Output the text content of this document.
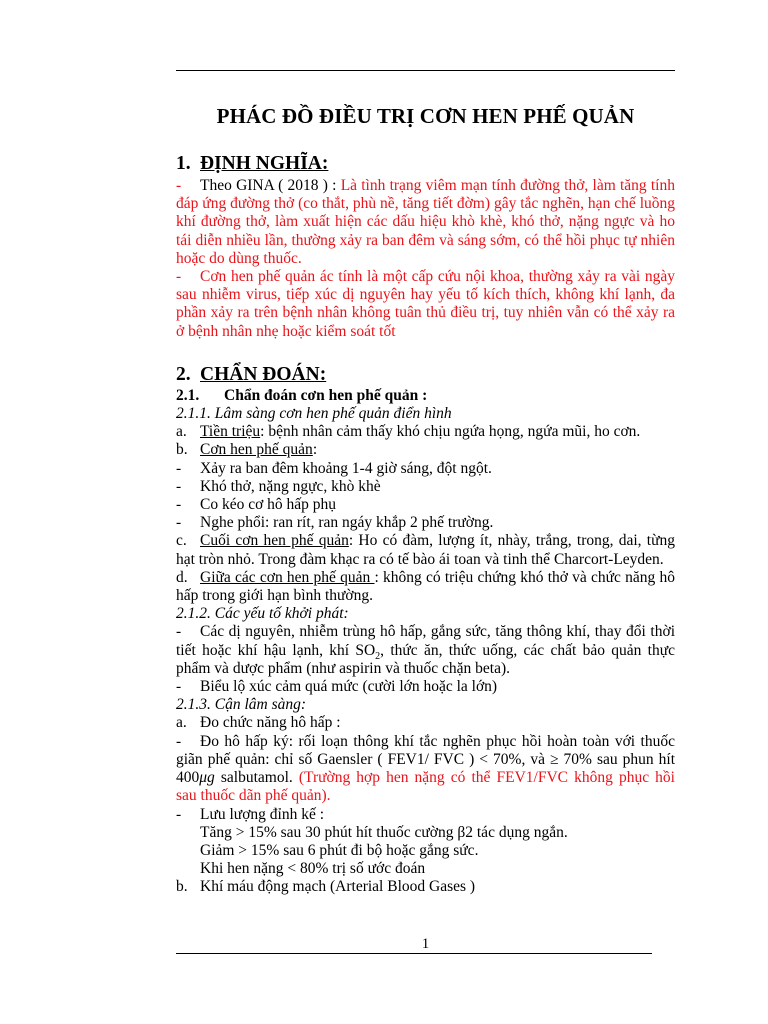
PHÁC ĐỒ ĐIỀU TRỊ CƠN HEN PHẾ QUẢN

1. ĐỊNH NGHĨA:

- Theo GINA ( 2018 ) : Là tình trạng viêm mạn tính đường thở, làm tăng tính đáp ứng đường thở (co thắt, phù nề, tăng tiết đờm) gây tắc nghẽn, hạn chế luồng khí đường thở, làm xuất hiện các dấu hiệu khò khè, khó thở, nặng ngực và ho tái diễn nhiều lần, thường xảy ra ban đêm và sáng sớm, có thể hồi phục tự nhiên hoặc do dùng thuốc.

- Cơn hen phế quản ác tính là một cấp cứu nội khoa, thường xảy ra vài ngày sau nhiễm virus, tiếp xúc dị nguyên hay yếu tố kích thích, không khí lạnh, đa phần xảy ra trên bệnh nhân không tuân thủ điều trị, tuy nhiên vẫn có thể xảy ra ở bệnh nhân nhẹ hoặc kiểm soát tốt

2. CHẨN ĐOÁN:

2.1. Chẩn đoán cơn hen phế quản :

2.1.1. Lâm sàng cơn hen phế quản điển hình

a. Tiền triệu: bệnh nhân cảm thấy khó chịu ngứa họng, ngứa mũi, ho cơn.

b. Cơn hen phế quản:

- Xảy ra ban đêm khoảng 1-4 giờ sáng, đột ngột.

- Khó thở, nặng ngực, khò khè

- Co kéo cơ hô hấp phụ

- Nghe phổi: ran rít, ran ngáy khắp 2 phế trường.

c. Cuối cơn hen phế quản: Ho có đàm, lượng ít, nhày, trắng, trong, dai, từng hạt tròn nhỏ. Trong đàm khạc ra có tế bào ái toan và tinh thể Charcort-Leyden.

d. Giữa các cơn hen phế quản : không có triệu chứng khó thở và chức năng hô hấp trong giới hạn bình thường.

2.1.2. Các yếu tố khởi phát:

- Các dị nguyên, nhiễm trùng hô hấp, gắng sức, tăng thông khí, thay đổi thời tiết hoặc khí hậu lạnh, khí $SO_2$, thức ăn, thức uống, các chất bảo quản thực phẩm và dược phẩm (như aspirin và thuốc chặn beta).

- Biểu lộ xúc cảm quá mức (cười lớn hoặc la lớn)

2.1.3. Cận lâm sàng:

a. Đo chức năng hô hấp :

- Đo hô hấp ký: rối loạn thông khí tắc nghẽn phục hồi hoàn toàn với thuốc giãn phế quản: chỉ số Gaensler ( FEV1/ FVC ) < 70%, và ≥ 70% sau phun hít 400μg salbutamol. (Trường hợp hen nặng có thể FEV1/FVC không phục hồi sau thuốc dãn phế quản).

- Lưu lượng đỉnh kế :

Tăng > 15% sau 30 phút hít thuốc cường β2 tác dụng ngắn.

Giảm > 15% sau 6 phút đi bộ hoặc gắng sức.

Khi hen nặng < 80% trị số ước đoán

b. Khí máu động mạch (Arterial Blood Gases )

1
